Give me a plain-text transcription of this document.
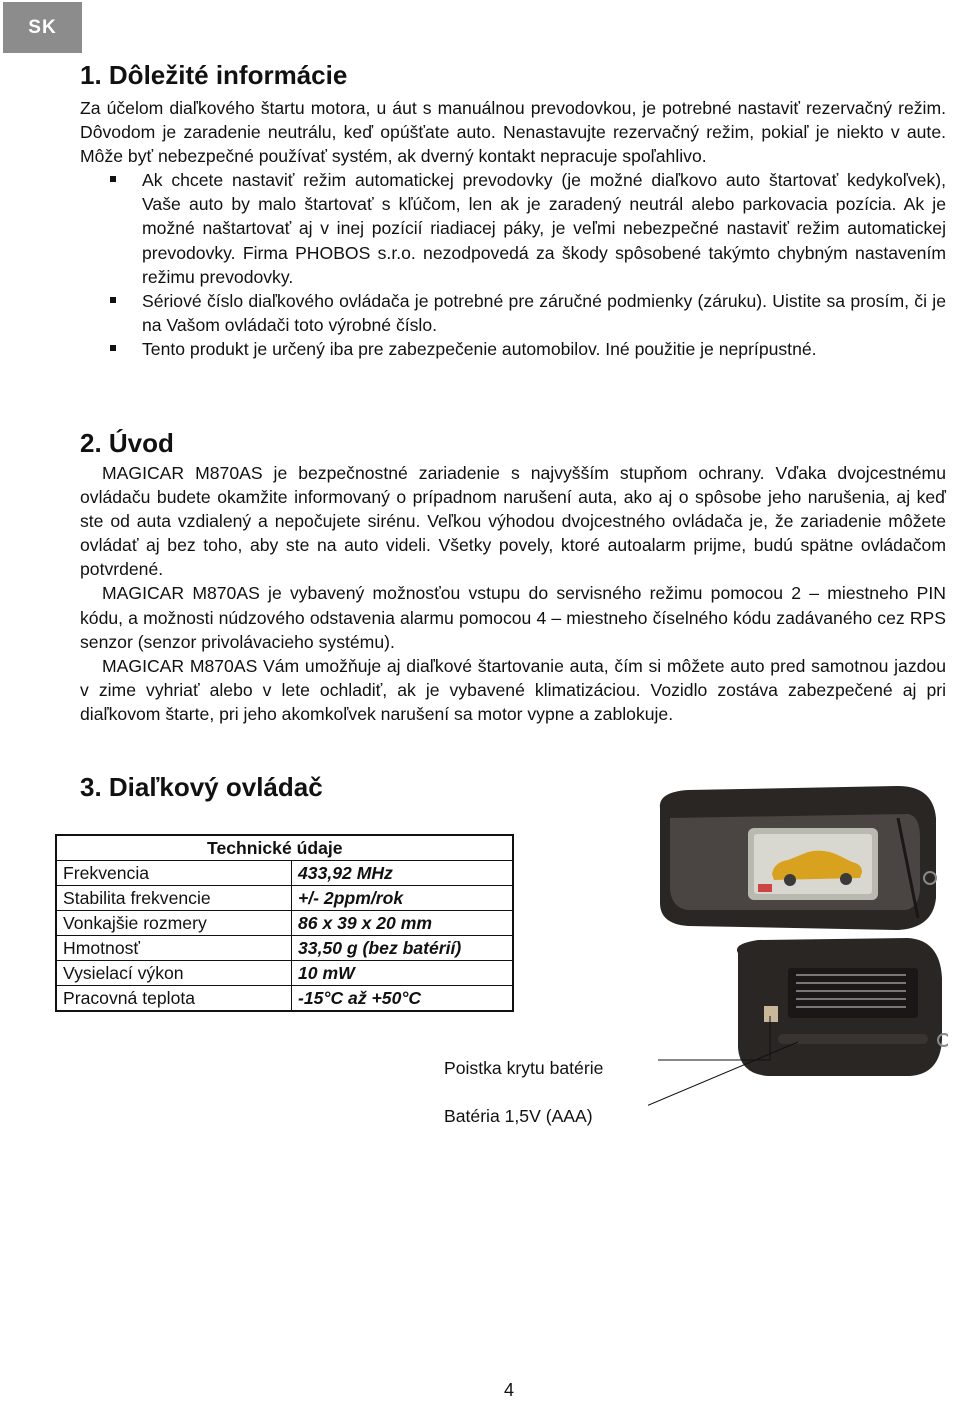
SK
1. Dôležité informácie

Za účelom diaľkového štartu motora, u áut s manuálnou prevodovkou, je potrebné nastaviť rezervačný režim. Dôvodom je zaradenie neutrálu, keď opúšťate auto. Nenastavujte rezervačný režim, pokiaľ je niekto v aute. Môže byť nebezpečné používať systém, ak dverný kontakt nepracuje spoľahlivo.

Ak chcete nastaviť režim automatickej prevodovky (je možné diaľkovo auto štartovať kedykoľvek), Vaše auto by malo štartovať s kľúčom, len ak je zaradený neutrál alebo parkovacia pozícia. Ak je možné naštartovať aj v inej pozícií riadiacej páky, je veľmi nebezpečné nastaviť režim automatickej prevodovky. Firma PHOBOS s.r.o. nezodpovedá za škody spôsobené takýmto chybným nastavením režimu prevodovky.
Sériové číslo diaľkového ovládača je potrebné pre záručné podmienky (záruku). Uistite sa prosím, či je na Vašom ovládači toto výrobné číslo.
Tento produkt je určený iba pre zabezpečenie automobilov. Iné použitie je neprípustné.
2. Úvod

MAGICAR M870AS je bezpečnostné zariadenie s najvyšším stupňom ochrany. Vďaka dvojcestnému ovládaču budete okamžite informovaný o prípadnom narušení auta, ako aj o spôsobe jeho narušenia, aj keď ste od auta vzdialený a nepočujete sirénu. Veľkou výhodou dvojcestného ovládača je, že zariadenie môžete ovládať aj bez toho, aby ste na auto videli. Všetky povely, ktoré autoalarm prijme, budú spätne ovládačom potvrdené.

MAGICAR M870AS je vybavený možnosťou vstupu do servisného režimu pomocou 2 – miestneho PIN kódu, a možnosti núdzového odstavenia alarmu pomocou 4 – miestneho číselného kódu zadávaného cez RPS senzor (senzor privolávacieho systému).

MAGICAR M870AS Vám umožňuje aj diaľkové štartovanie auta, čím si môžete auto pred samotnou jazdou v zime vyhriať alebo v lete ochladiť, ak je vybavené klimatizáciou. Vozidlo zostáva zabezpečené aj pri diaľkovom štarte, pri jeho akomkoľvek narušení sa motor vypne a zablokuje.

3. Diaľkový ovládač
Technické údaje	
Frekvencia	433,92 MHz
Stabilita frekvencie	+/- 2ppm/rok
Vonkajšie rozmery	86 x 39 x 20 mm
Hmotnosť	33,50 g (bez batérií)
Vysielací výkon	10 mW
Pracovná teplota	-15°C až +50°C
Poistka krytu batérie
Batéria 1,5V (AAA)
4
